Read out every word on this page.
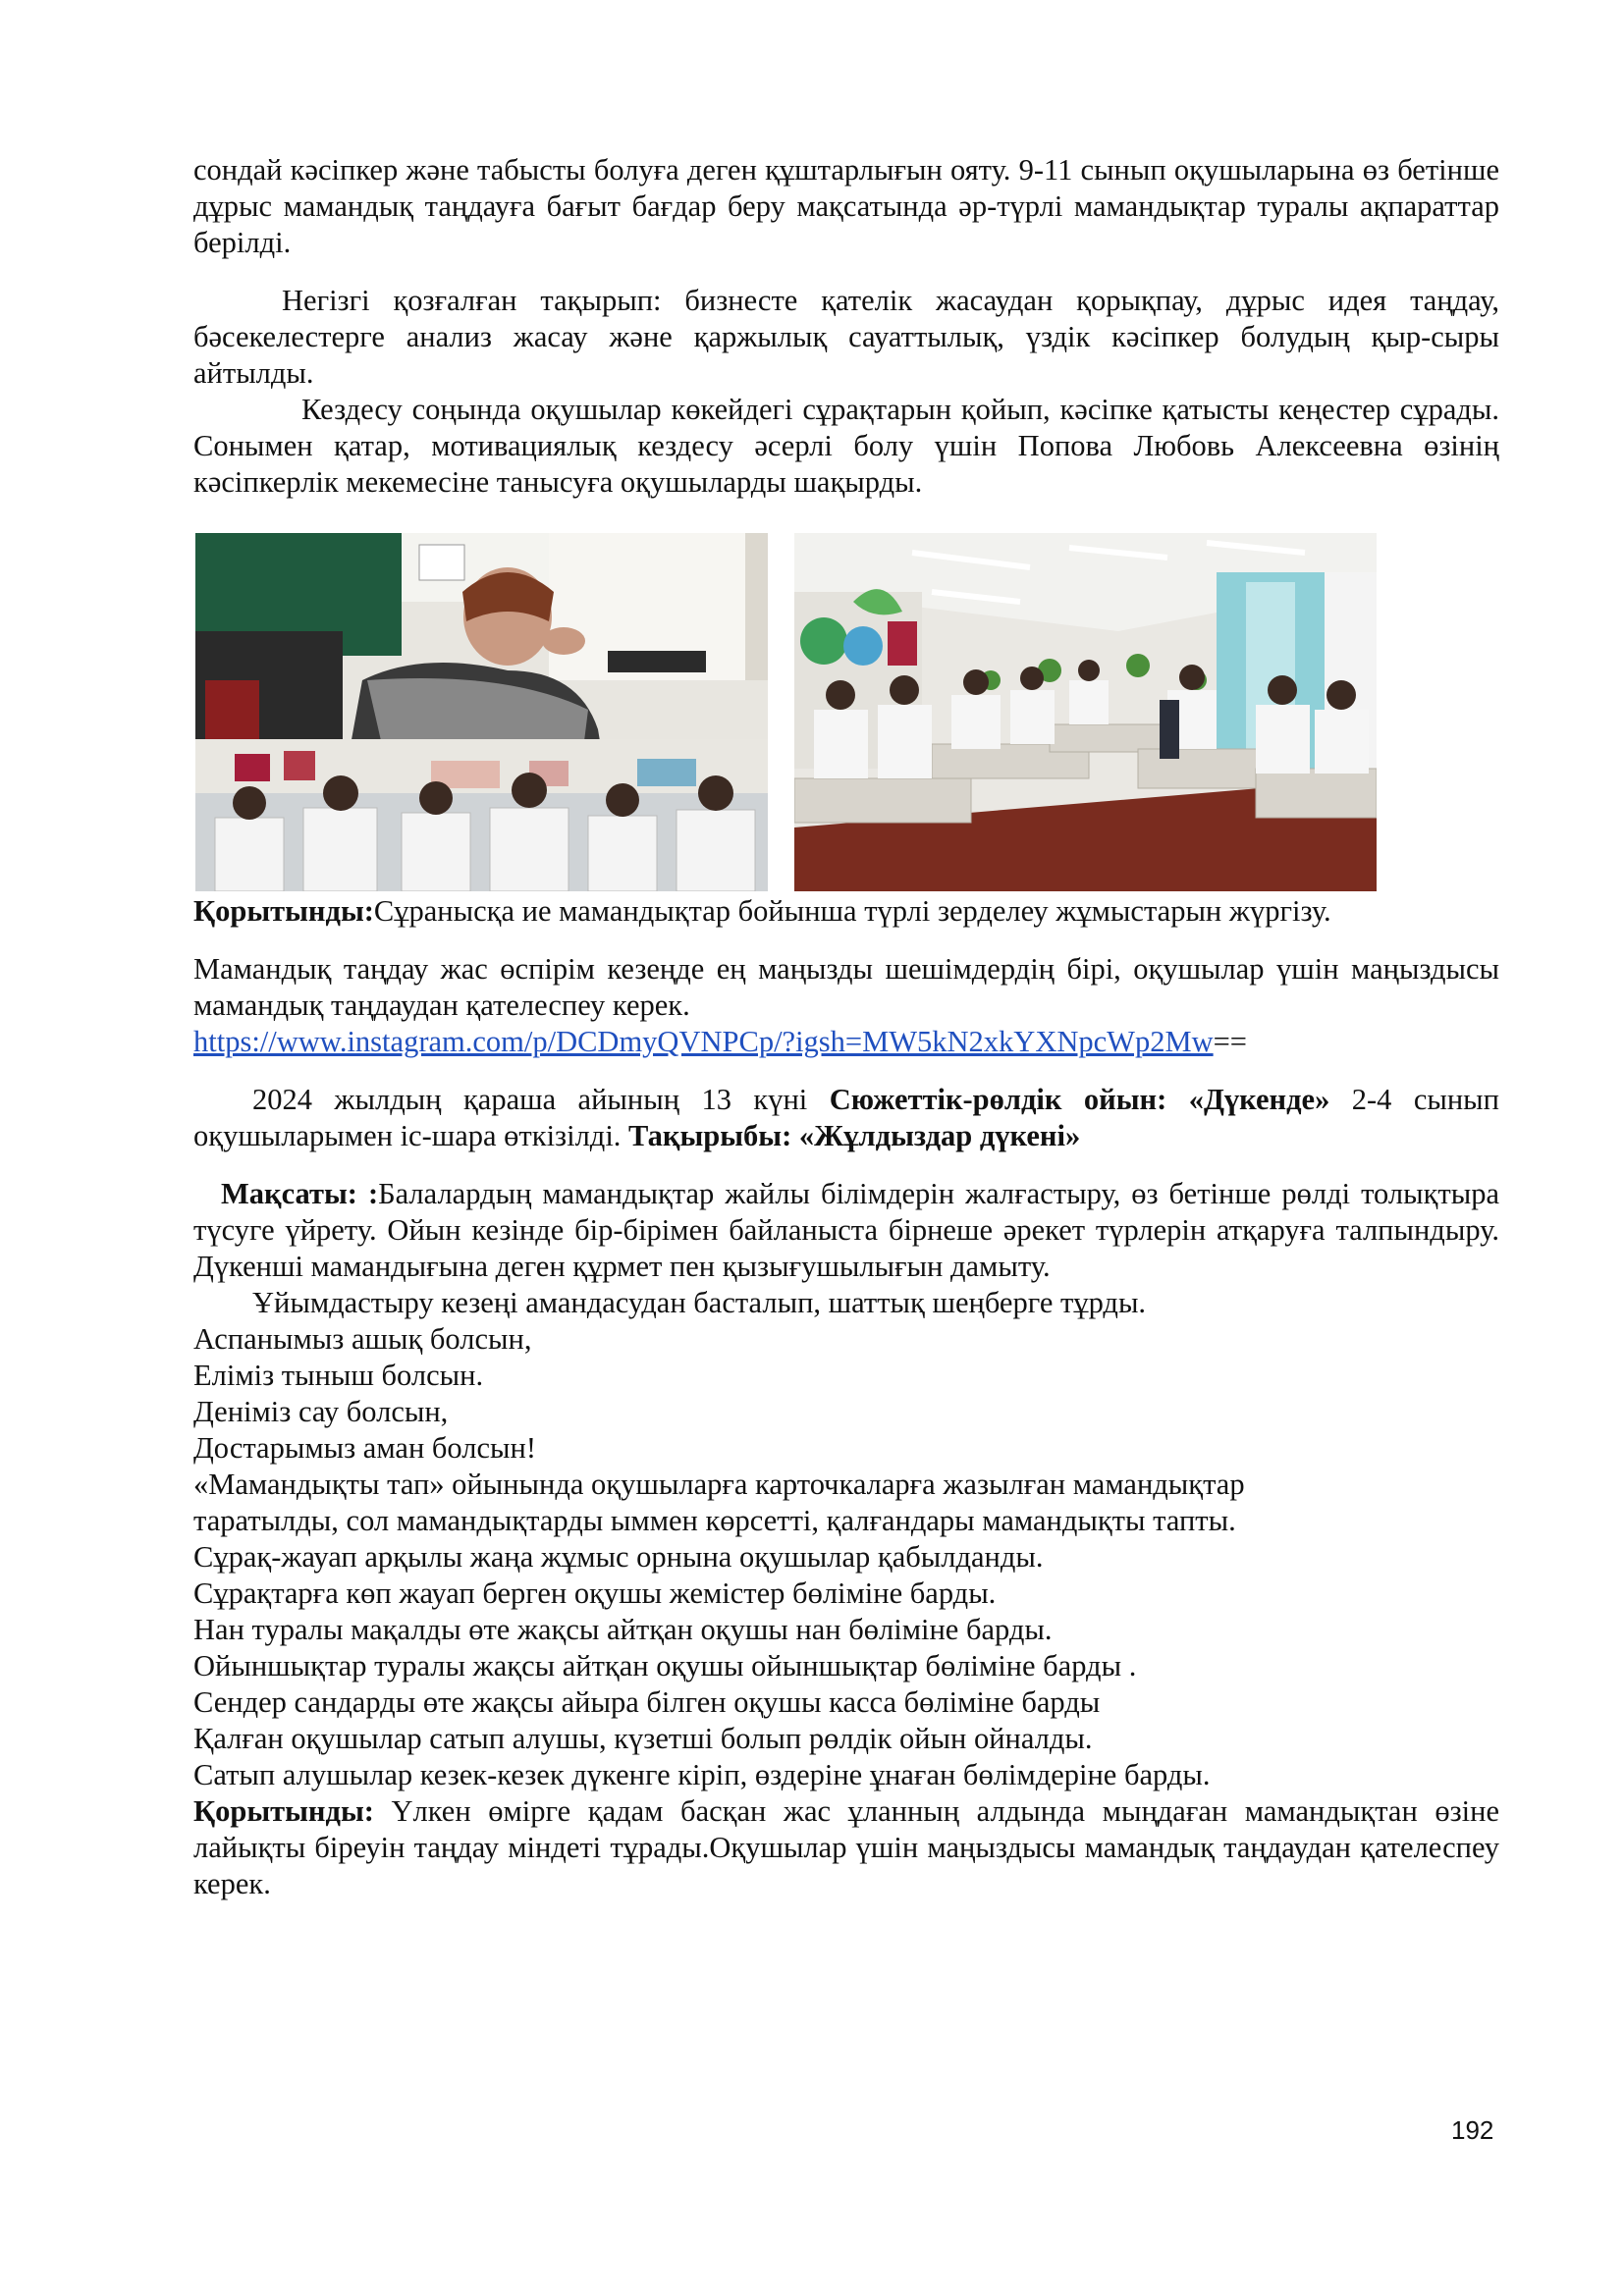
сондай кәсіпкер және табысты болуға деген құштарлығын ояту. 9-11 сынып оқушыларына өз бетінше дұрыс мамандық таңдауға бағыт бағдар беру мақсатында әр-түрлі мамандықтар туралы ақпараттар берілді.

Негізгі қозғалған тақырып: бизнесте қателік жасаудан қорықпау, дұрыс идея таңдау, бәсекелестерге анализ жасау және қаржылық сауаттылық, үздік кәсіпкер болудың қыр-сыры айтылды.

Кездесу соңында оқушылар көкейдегі сұрақтарын қойып, кәсіпке қатысты кеңестер сұрады. Сонымен қатар, мотивациялық кездесу әсерлі болу үшін Попова Любовь Алексеевна өзінің кәсіпкерлік мекемесіне танысуға оқушыларды шақырды.

Қорытынды:Сұранысқа ие мамандықтар бойынша түрлі зерделеу жұмыстарын жүргізу.

Мамандық таңдау жас өспірім кезеңде ең маңызды шешімдердің бірі, оқушылар үшін маңыздысы мамандық таңдаудан қателеспеу керек.

https://www.instagram.com/p/DCDmyQVNPCp/?igsh=MW5kN2xkYXNpcWp2Mw==

2024 жылдың қараша айының 13 күні Сюжеттік-рөлдік ойын: «Дүкенде» 2-4 сынып оқушыларымен іс-шара өткізілді. Тақырыбы: «Жұлдыздар дүкені»

Мақсаты: :Балалардың мамандықтар жайлы білімдерін жалғастыру, өз бетінше рөлді толықтыра түсуге үйрету. Ойын кезінде бір-бірімен байланыста бірнеше әрекет түрлерін атқаруға талпындыру. Дүкенші мамандығына деген құрмет пен қызығушылығын дамыту.

Ұйымдастыру кезеңі амандасудан басталып, шаттық шеңберге тұрды.

Аспанымыз ашық болсын,

Еліміз тыныш болсын.

Деніміз сау болсын,

Достарымыз аман болсын!

«Мамандықты тап» ойынында оқушыларға карточкаларға жазылған мамандықтар

таратылды, сол мамандықтарды ыммен көрсетті, қалғандары мамандықты тапты.

Сұрақ-жауап арқылы жаңа жұмыс орнына оқушылар қабылданды.

Сұрақтарға көп жауап берген оқушы жемістер бөліміне барды.

Нан туралы мақалды өте жақсы айтқан оқушы нан бөліміне барды.

Ойыншықтар туралы жақсы айтқан оқушы ойыншықтар бөліміне барды .

Сендер сандарды өте жақсы айыра білген оқушы касса бөліміне барды

Қалған оқушылар сатып алушы, күзетші болып рөлдік ойын ойналды.

Сатып алушылар кезек-кезек дүкенге кіріп, өздеріне ұнаған бөлімдеріне барды.

Қорытынды: Үлкен өмірге қадам басқан жас ұланның алдында мыңдаған мамандықтан өзіне лайықты біреуін таңдау міндеті тұрады.Оқушылар үшін маңыздысы мамандық таңдаудан қателеспеу керек.

192
